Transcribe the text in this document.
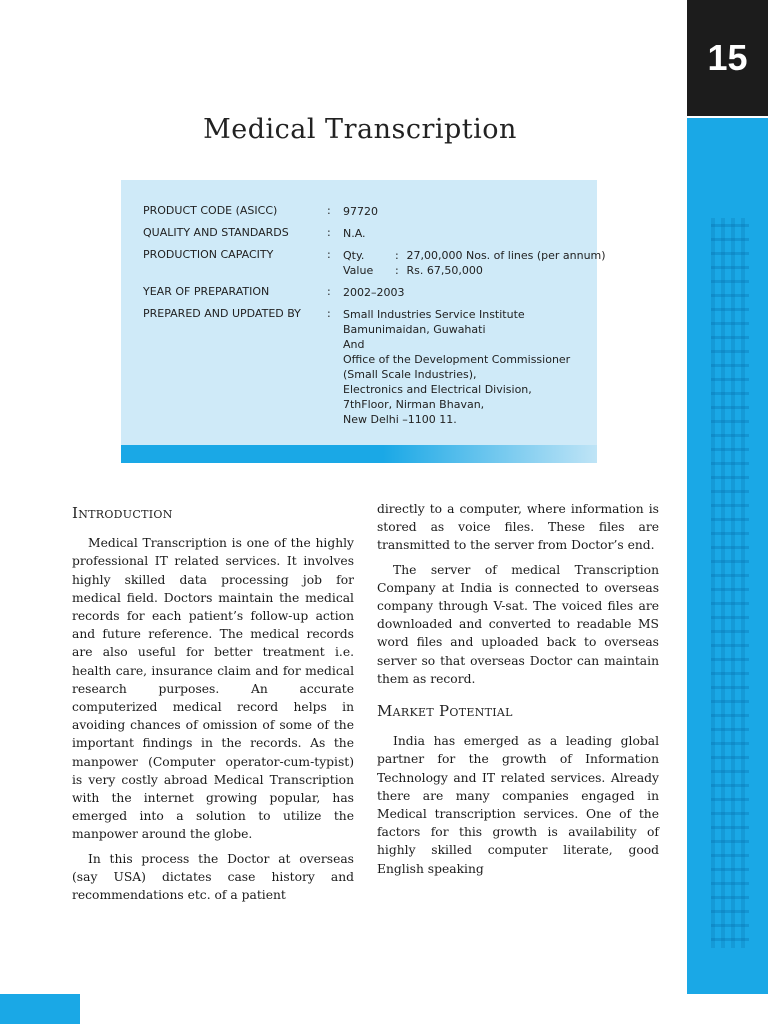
15
Medical Transcription
PRODUCT CODE (ASICC)	: 97720
QUALITY AND STANDARDS	: N.A.
PRODUCTION CAPACITY	: Qty.	: 27,00,000 Nos. of lines (per annum)
Value : Rs. 67,50,000
YEAR OF PREPARATION	: 2002–2003
PREPARED AND UPDATED BY	: Small Industries Service Institute
Bamunimaidan, Guwahati
And
Office of the Development Commissioner
(Small Scale Industries),
Electronics and Electrical Division,
7thFloor, Nirman Bhavan,
New Delhi –1100 11.
Introduction

Medical Transcription is one of the highly professional IT related services. It involves highly skilled data processing job for medical field. Doctors maintain the medical records for each patient’s follow-up action and future reference. The medical records are also useful for better treatment i.e. health care, insurance claim and for medical research purposes. An accurate computerized medical record helps in avoiding chances of omission of some of the important findings in the records. As the manpower (Computer operator-cum-typist) is very costly abroad Medical Transcription with the internet growing popular, has emerged into a solution to utilize the manpower around the globe.

In this process the Doctor at overseas (say USA) dictates case history and recommendations etc. of a patient

directly to a computer, where information is stored as voice files. These files are transmitted to the server from Doctor’s end.

The server of medical Transcription Company at India is connected to overseas company through V-sat. The voiced files are downloaded and converted to readable MS word files and uploaded back to overseas server so that overseas Doctor can maintain them as record.

Market Potential

India has emerged as a leading global partner for the growth of Information Technology and IT related services. Already there are many companies engaged in Medical transcription services. One of the factors for this growth is availability of highly skilled computer literate, good English speaking
